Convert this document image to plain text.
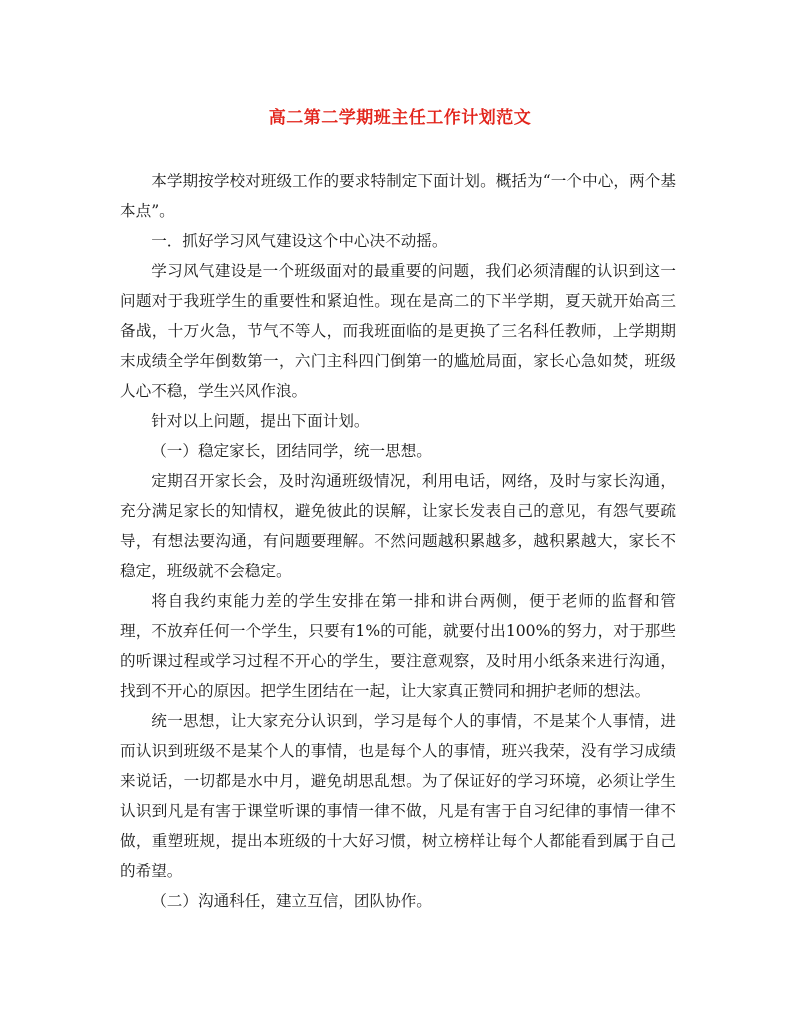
高二第二学期班主任工作计划范文

本学期按学校对班级工作的要求特制定下面计划。概括为“一个中心，两个基本点”。

一．抓好学习风气建设这个中心决不动摇。

学习风气建设是一个班级面对的最重要的问题，我们必须清醒的认识到这一问题对于我班学生的重要性和紧迫性。现在是高二的下半学期，夏天就开始高三备战，十万火急，节气不等人，而我班面临的是更换了三名科任教师，上学期期末成绩全学年倒数第一，六门主科四门倒第一的尴尬局面，家长心急如焚，班级人心不稳，学生兴风作浪。

针对以上问题，提出下面计划。

（一）稳定家长，团结同学，统一思想。

定期召开家长会，及时沟通班级情况，利用电话，网络，及时与家长沟通，充分满足家长的知情权，避免彼此的误解，让家长发表自己的意见，有怨气要疏导，有想法要沟通，有问题要理解。不然问题越积累越多，越积累越大，家长不稳定，班级就不会稳定。

将自我约束能力差的学生安排在第一排和讲台两侧，便于老师的监督和管理，不放弃任何一个学生，只要有1%的可能，就要付出100%的努力，对于那些的听课过程或学习过程不开心的学生，要注意观察，及时用小纸条来进行沟通，找到不开心的原因。把学生团结在一起，让大家真正赞同和拥护老师的想法。

统一思想，让大家充分认识到，学习是每个人的事情，不是某个人事情，进而认识到班级不是某个人的事情，也是每个人的事情，班兴我荣，没有学习成绩来说话，一切都是水中月，避免胡思乱想。为了保证好的学习环境，必须让学生认识到凡是有害于课堂听课的事情一律不做，凡是有害于自习纪律的事情一律不做，重塑班规，提出本班级的十大好习惯，树立榜样让每个人都能看到属于自己的希望。

（二）沟通科任，建立互信，团队协作。
